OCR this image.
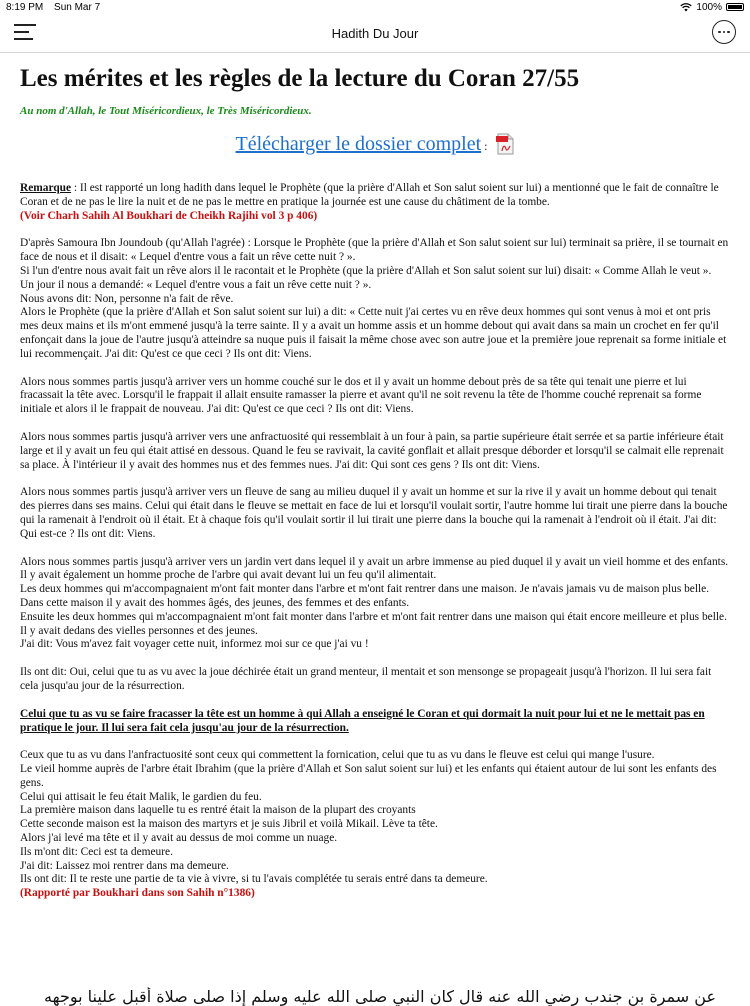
8:19 PM Sun Mar 7	100%
Hadith Du Jour
Les mérites et les règles de la lecture du Coran 27/55
Au nom d'Allah, le Tout Miséricordieux, le Très Miséricordieux.
Télécharger le dossier complet :

Remarque : Il est rapporté un long hadith dans lequel le Prophète (que la prière d'Allah et Son salut soient sur lui) a mentionné que le fait de connaître le Coran et de ne pas le lire la nuit et de ne pas le mettre en pratique la journée est une cause du châtiment de la tombe.
(Voir Charh Sahih Al Boukhari de Cheikh Rajihi vol 3 p 406)

D'après Samoura Ibn Joundoub (qu'Allah l'agrée) : Lorsque le Prophète (que la prière d'Allah et Son salut soient sur lui) terminait sa prière, il se tournait en face de nous et il disait: « Lequel d'entre vous a fait un rêve cette nuit ? ».
Si l'un d'entre nous avait fait un rêve alors il le racontait et le Prophète (que la prière d'Allah et Son salut soient sur lui) disait: « Comme Allah le veut ».
Un jour il nous a demandé: « Lequel d'entre vous a fait un rêve cette nuit ? ».
Nous avons dit: Non, personne n'a fait de rêve.
Alors le Prophète (que la prière d'Allah et Son salut soient sur lui) a dit: « Cette nuit j'ai certes vu en rêve deux hommes qui sont venus à moi et ont pris mes deux mains et ils m'ont emmené jusqu'à la terre sainte. Il y a avait un homme assis et un homme debout qui avait dans sa main un crochet en fer qu'il enfonçait dans la joue de l'autre jusqu'à atteindre sa nuque puis il faisait la même chose avec son autre joue et la première joue reprenait sa forme initiale et lui recommençait. J'ai dit: Qu'est ce que ceci ? Ils ont dit: Viens.

Alors nous sommes partis jusqu'à arriver vers un homme couché sur le dos et il y avait un homme debout près de sa tête qui tenait une pierre et lui fracassait la tête avec. Lorsqu'il le frappait il allait ensuite ramasser la pierre et avant qu'il ne soit revenu la tête de l'homme couché reprenait sa forme initiale et alors il le frappait de nouveau. J'ai dit: Qu'est ce que ceci ? Ils ont dit: Viens.

Alors nous sommes partis jusqu'à arriver vers une anfractuosité qui ressemblait à un four à pain, sa partie supérieure était serrée et sa partie inférieure était large et il y avait un feu qui était attisé en dessous. Quand le feu se ravivait, la cavité gonflait et allait presque déborder et lorsqu'il se calmait elle reprenait sa place. À l'intérieur il y avait des hommes nus et des femmes nues. J'ai dit: Qui sont ces gens ? Ils ont dit: Viens.

Alors nous sommes partis jusqu'à arriver vers un fleuve de sang au milieu duquel il y avait un homme et sur la rive il y avait un homme debout qui tenait des pierres dans ses mains. Celui qui était dans le fleuve se mettait en face de lui et lorsqu'il voulait sortir, l'autre homme lui tirait une pierre dans la bouche qui la ramenait à l'endroit où il était. Et à chaque fois qu'il voulait sortir il lui tirait une pierre dans la bouche qui la ramenait à l'endroit où il était. J'ai dit: Qui est-ce ? Ils ont dit: Viens.

Alors nous sommes partis jusqu'à arriver vers un jardin vert dans lequel il y avait un arbre immense au pied duquel il y avait un vieil homme et des enfants. Il y avait également un homme proche de l'arbre qui avait devant lui un feu qu'il alimentait.
Les deux hommes qui m'accompagnaient m'ont fait monter dans l'arbre et m'ont fait rentrer dans une maison. Je n'avais jamais vu de maison plus belle. Dans cette maison il y avait des hommes âgés, des jeunes, des femmes et des enfants.
Ensuite les deux hommes qui m'accompagnaient m'ont fait monter dans l'arbre et m'ont fait rentrer dans une maison qui était encore meilleure et plus belle. Il y avait dedans des vielles personnes et des jeunes.
J'ai dit: Vous m'avez fait voyager cette nuit, informez moi sur ce que j'ai vu !

Ils ont dit: Oui, celui que tu as vu avec la joue déchirée était un grand menteur, il mentait et son mensonge se propageait jusqu'à l'horizon. Il lui sera fait cela jusqu'au jour de la résurrection.

Celui que tu as vu se faire fracasser la tête est un homme à qui Allah a enseigné le Coran et qui dormait la nuit pour lui et ne le mettait pas en pratique le jour. Il lui sera fait cela jusqu'au jour de la résurrection.

Ceux que tu as vu dans l'anfractuosité sont ceux qui commettent la fornication, celui que tu as vu dans le fleuve est celui qui mange l'usure.
Le vieil homme auprès de l'arbre était Ibrahim (que la prière d'Allah et Son salut soient sur lui) et les enfants qui étaient autour de lui sont les enfants des gens.
Celui qui attisait le feu était Malik, le gardien du feu.
La première maison dans laquelle tu es rentré était la maison de la plupart des croyants
Cette seconde maison est la maison des martyrs et je suis Jibril et voilà Mikail. Lève ta tête.
Alors j'ai levé ma tête et il y avait au dessus de moi comme un nuage.
Ils m'ont dit: Ceci est ta demeure.
J'ai dit: Laissez moi rentrer dans ma demeure.
Ils ont dit: Il te reste une partie de ta vie à vivre, si tu l'avais complétée tu serais entré dans ta demeure.
(Rapporté par Boukhari dans son Sahih n°1386)

عن سمرة بن جندب رضي الله عنه قال كان النبي صلى الله عليه وسلم إذا صلى صلاة أقبل علينا بوجهه
